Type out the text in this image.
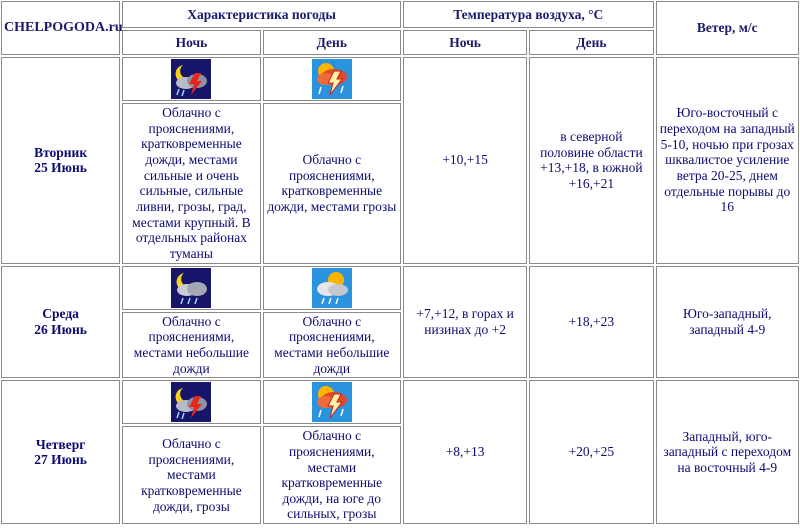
CHELPOGODA.ru	Характеристика погоды		Температура воздуха, °C		Ветер, м/с
	Ночь	День	Ночь	День	
Вторник
25 Июнь			+10,+15	в северной половине области +13,+18, в южной +16,+21	Юго-восточный с переходом на западный 5-10, ночью при грозах шквалистое усиление ветра 20-25, днем отдельные порывы до 16
	Облачно с прояснениями, кратковременные дожди, местами сильные и очень сильные, сильные ливни, грозы, град, местами крупный. В отдельных районах туманы	Облачно с прояснениями, кратковременные дожди, местами грозы			
Среда
26 Июнь			+7,+12, в горах и низинах до +2	+18,+23	Юго-западный, западный 4-9
	Облачно с прояснениями, местами небольшие дожди	Облачно с прояснениями, местами небольшие дожди			
Четверг
27 Июнь			+8,+13	+20,+25	Западный, юго-западный с переходом на восточный 4-9
	Облачно с прояснениями, местами кратковременные дожди, грозы	Облачно с прояснениями, местами кратковременные дожди, на юге до сильных, грозы			
